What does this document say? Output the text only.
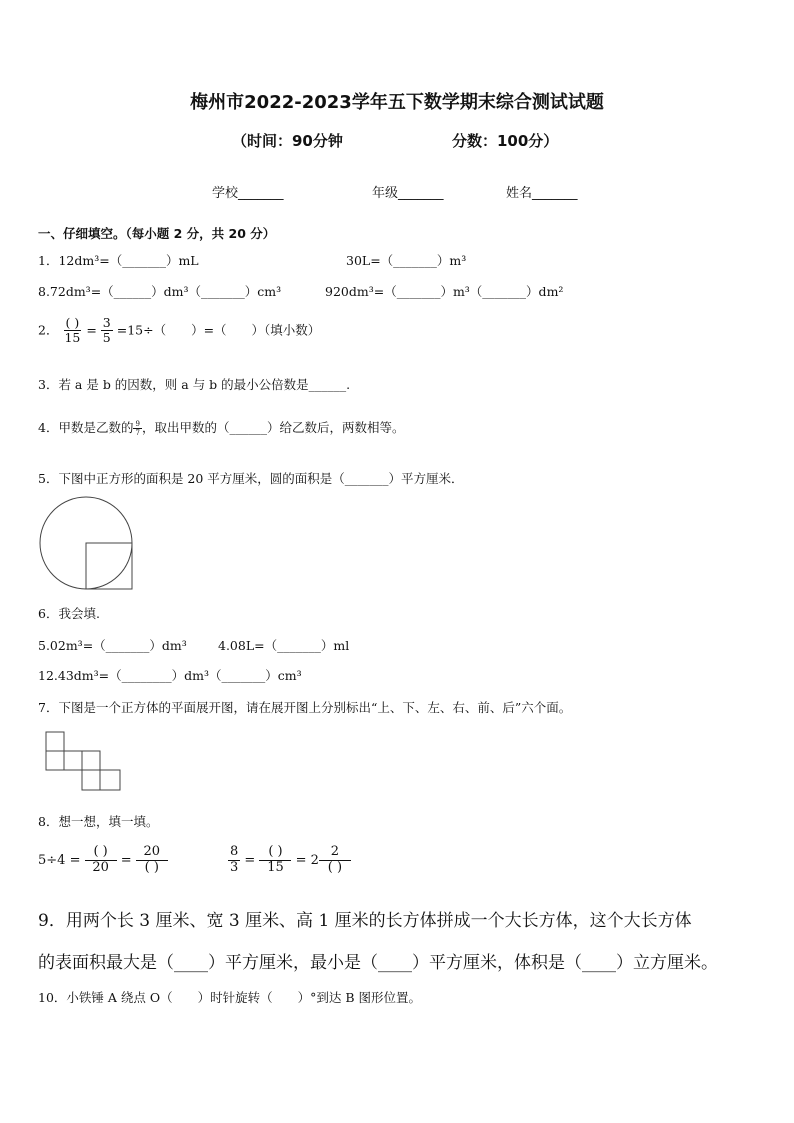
梅州市2022-2023学年五下数学期末综合测试试题
（时间：90分钟	分数：100分）
学校_______	年级_______	姓名_______
一、仔细填空。（每小题 2 分，共 20 分）
1．12dm³=（_______）mL	30L=（_______）m³
8.72dm³=（______）dm³（_______）cm³	920dm³=（_______）m³（_______）dm²
2． $\frac{( )}{15} = \frac{3}{5} =15\div$（　　）=（　　）（填小数）
3．若 a 是 b 的因数，则 a 与 b 的最小公倍数是______.
4．甲数是乙数的 $\frac{9}{7}$ ，取出甲数的（______）给乙数后，两数相等。
5．下图中正方形的面积是 20 平方厘米，圆的面积是（_______）平方厘米．
6．我会填.
5.02m³=（_______）dm³ 4.08L=（_______）ml
12.43dm³=（________）dm³（_______）cm³
7．下图是一个正方体的平面展开图，请在展开图上分别标出“上、下、左、右、前、后”六个面。
8．想一想，填一填。
$5\div 4 = \frac{( )}{20} = \frac{20}{( )}$	$\frac{8}{3} = \frac{( )}{15} = 2 \frac{2}{( )}$
9．用两个长 3 厘米、宽 3 厘米、高 1 厘米的长方体拼成一个大长方体，这个大长方体
的表面积最大是（____）平方厘米，最小是（____）平方厘米，体积是（____）立方厘米。
10．小铁锤 A 绕点 O（　　）时针旋转（　　）°到达 B 图形位置。
